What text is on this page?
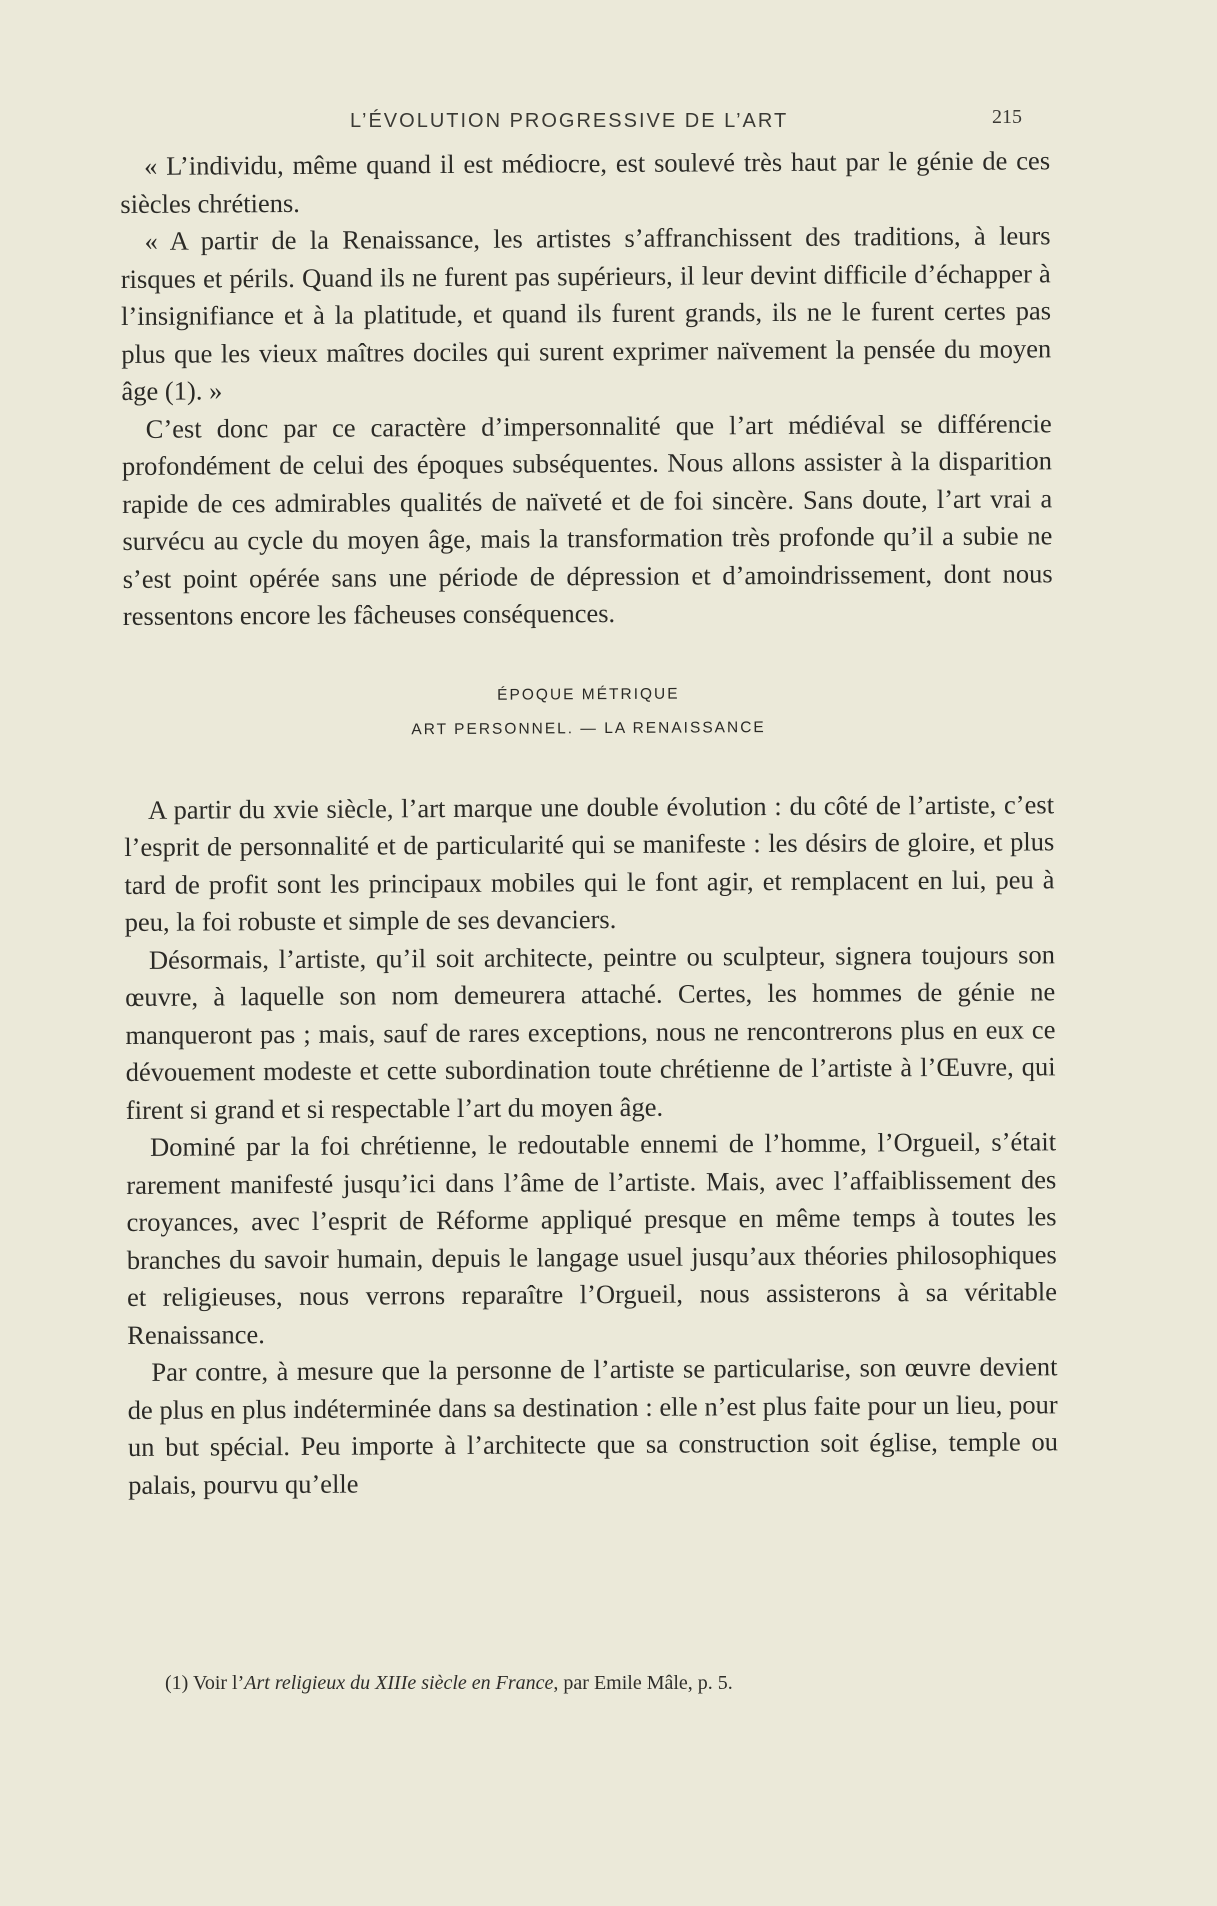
L’ÉVOLUTION PROGRESSIVE DE L’ART	215

« L’individu, même quand il est médiocre, est soulevé très haut par le génie de ces siècles chrétiens.

« A partir de la Renaissance, les artistes s’affranchissent des traditions, à leurs risques et périls. Quand ils ne furent pas supérieurs, il leur devint difficile d’échapper à l’insignifiance et à la platitude, et quand ils furent grands, ils ne le furent certes pas plus que les vieux maîtres dociles qui surent exprimer naïvement la pensée du moyen âge (1). »

C’est donc par ce caractère d’impersonnalité que l’art médiéval se différencie profondément de celui des époques subséquentes. Nous allons assister à la disparition rapide de ces admirables qualités de naïveté et de foi sincère. Sans doute, l’art vrai a survécu au cycle du moyen âge, mais la transformation très profonde qu’il a subie ne s’est point opérée sans une période de dépression et d’amoindrissement, dont nous ressentons encore les fâcheuses conséquences.

ÉPOQUE MÉTRIQUE
ART PERSONNEL. — LA RENAISSANCE

A partir du xvie siècle, l’art marque une double évolution : du côté de l’artiste, c’est l’esprit de personnalité et de particularité qui se manifeste : les désirs de gloire, et plus tard de profit sont les principaux mobiles qui le font agir, et remplacent en lui, peu à peu, la foi robuste et simple de ses devanciers.

Désormais, l’artiste, qu’il soit architecte, peintre ou sculpteur, signera toujours son œuvre, à laquelle son nom demeurera attaché. Certes, les hommes de génie ne manqueront pas ; mais, sauf de rares exceptions, nous ne rencontrerons plus en eux ce dévouement modeste et cette subordination toute chrétienne de l’artiste à l’Œuvre, qui firent si grand et si respectable l’art du moyen âge.

Dominé par la foi chrétienne, le redoutable ennemi de l’homme, l’Orgueil, s’était rarement manifesté jusqu’ici dans l’âme de l’artiste. Mais, avec l’affaiblissement des croyances, avec l’esprit de Réforme appliqué presque en même temps à toutes les branches du savoir humain, depuis le langage usuel jusqu’aux théories philosophiques et religieuses, nous verrons reparaître l’Orgueil, nous assisterons à sa véritable Renaissance.

Par contre, à mesure que la personne de l’artiste se particularise, son œuvre devient de plus en plus indéterminée dans sa destination : elle n’est plus faite pour un lieu, pour un but spécial. Peu importe à l’architecte que sa construction soit église, temple ou palais, pourvu qu’elle

(1) Voir l’Art religieux du XIIIe siècle en France, par Emile Mâle, p. 5.
